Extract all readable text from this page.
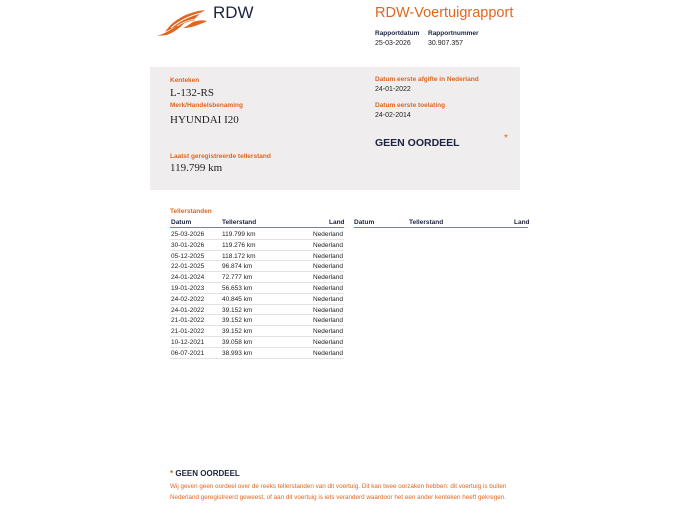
RDW	RDW-Voertuigrapport
Rapportdatum Rapportnummer
25-03-2026 30.907.357
Kenteken
L-132-RS
Merk/Handelsbenaming
HYUNDAI I20
Laatst geregistreerde tellerstand
119.799 km
Datum eerste afgifte in Nederland
24-01-2022
Datum eerste toelating
24-02-2014
GEEN OORDEEL	*
Tellerstanden
Datum	Tellerstand	Land Datum	Tellerstand	Land
25-03-2026	119.799 km	Nederland
30-01-2026	119.276 km	Nederland
05-12-2025	118.172 km	Nederland
22-01-2025	96.874 km	Nederland
24-01-2024	72.777 km	Nederland
19-01-2023	56.653 km	Nederland
24-02-2022	40.845 km	Nederland
24-01-2022	39.152 km	Nederland
21-01-2022	39.152 km	Nederland
21-01-2022	39.152 km	Nederland
10-12-2021	39.058 km	Nederland
06-07-2021	38.993 km	Nederland
* GEEN OORDEEL
Wij geven geen oordeel over de reeks tellerstanden van dit voertuig. Dit kan twee oorzaken hebben: dit voertuig is buiten Nederland geregistreerd geweest, of aan dit voertuig is iets veranderd waardoor het een ander kenteken heeft gekregen.
